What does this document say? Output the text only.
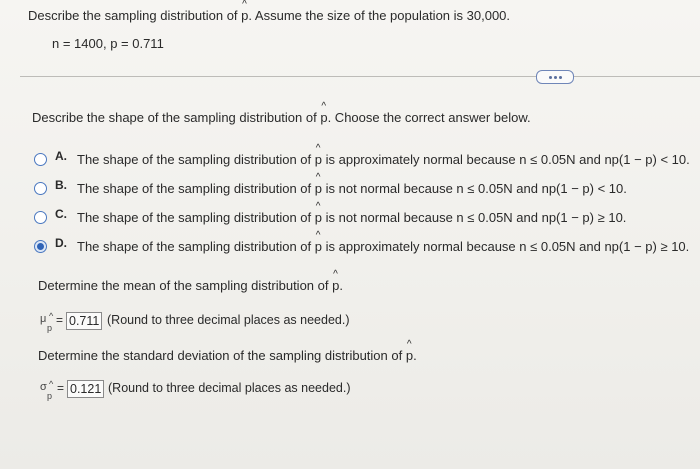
Describe the sampling distribution of ^ p. Assume the size of the population is 30,000.
n = 1400, p = 0.711
Describe the shape of the sampling distribution of ^ p. Choose the correct answer below.
A. The shape of the sampling distribution of ^ p is approximately normal because n ≤ 0.05N and np(1 − p) < 10.
B. The shape of the sampling distribution of ^ p is not normal because n ≤ 0.05N and np(1 − p) < 10.
C. The shape of the sampling distribution of ^ p is not normal because n ≤ 0.05N and np(1 − p) ≥ 10.
D. The shape of the sampling distribution of ^ p is approximately normal because n ≤ 0.05N and np(1 − p) ≥ 10.
Determine the mean of the sampling distribution of ^ p.
μ ^
p
= 0.711 (Round to three decimal places as needed.)
Determine the standard deviation of the sampling distribution of ^ p.
σ ^
p
= 0.121 (Round to three decimal places as needed.)
